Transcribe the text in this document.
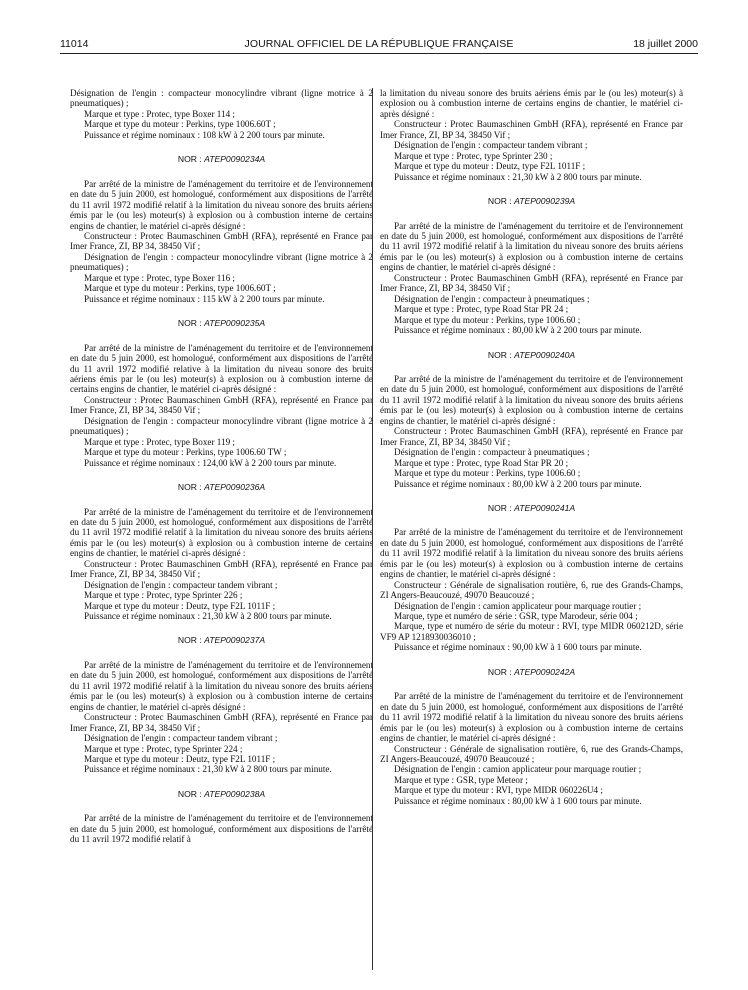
11014	JOURNAL OFFICIEL DE LA RÉPUBLIQUE FRANÇAISE	18 juillet 2000

Désignation de l'engin : compacteur monocylindre vibrant (ligne motrice à 2 pneumatiques) ;

Marque et type : Protec, type Boxer 114 ;

Marque et type du moteur : Perkins, type 1006.60T ;

Puissance et régime nominaux : 108 kW à 2 200 tours par minute.

NOR : ATEP0090234A

Par arrêté de la ministre de l'aménagement du territoire et de l'environnement en date du 5 juin 2000, est homologué, conformément aux dispositions de l'arrêté du 11 avril 1972 modifié relatif à la limitation du niveau sonore des bruits aériens émis par le (ou les) moteur(s) à explosion ou à combustion interne de certains engins de chantier, le matériel ci-après désigné :

Constructeur : Protec Baumaschinen GmbH (RFA), représenté en France par Imer France, ZI, BP 34, 38450 Vif ;

Désignation de l'engin : compacteur monocylindre vibrant (ligne motrice à 2 pneumatiques) ;

Marque et type : Protec, type Boxer 116 ;

Marque et type du moteur : Perkins, type 1006.60T ;

Puissance et régime nominaux : 115 kW à 2 200 tours par minute.

NOR : ATEP0090235A

Par arrêté de la ministre de l'aménagement du territoire et de l'environnement en date du 5 juin 2000, est homologué, conformément aux dispositions de l'arrêté du 11 avril 1972 modifié relative à la limitation du niveau sonore des bruits aériens émis par le (ou les) moteur(s) à explosion ou à combustion interne de certains engins de chantier, le matériel ci-après désigné :

Constructeur : Protec Baumaschinen GmbH (RFA), représenté en France par Imer France, ZI, BP 34, 38450 Vif ;

Désignation de l'engin : compacteur monocylindre vibrant (ligne motrice à 2 pneumatiques) ;

Marque et type : Protec, type Boxer 119 ;

Marque et type du moteur : Perkins, type 1006.60 TW ;

Puissance et régime nominaux : 124,00 kW à 2 200 tours par minute.

NOR : ATEP0090236A

Par arrêté de la ministre de l'aménagement du territoire et de l'environnement en date du 5 juin 2000, est homologué, conformément aux dispositions de l'arrêté du 11 avril 1972 modifié relatif à la limitation du niveau sonore des bruits aériens émis par le (ou les) moteur(s) à explosion ou à combustion interne de certains engins de chantier, le matériel ci-après désigné :

Constructeur : Protec Baumaschinen GmbH (RFA), représenté en France par Imer France, ZI, BP 34, 38450 Vif ;

Désignation de l'engin : compacteur tandem vibrant ;

Marque et type : Protec, type Sprinter 226 ;

Marque et type du moteur : Deutz, type F2L 1011F ;

Puissance et régime nominaux : 21,30 kW à 2 800 tours par minute.

NOR : ATEP0090237A

Par arrêté de la ministre de l'aménagement du territoire et de l'environnement en date du 5 juin 2000, est homologué, conformément aux dispositions de l'arrêté du 11 avril 1972 modifié relatif à la limitation du niveau sonore des bruits aériens émis par le (ou les) moteur(s) à explosion ou à combustion interne de certains engins de chantier, le matériel ci-après désigné :

Constructeur : Protec Baumaschinen GmbH (RFA), représenté en France par Imer France, ZI, BP 34, 38450 Vif ;

Désignation de l'engin : compacteur tandem vibrant ;

Marque et type : Protec, type Sprinter 224 ;

Marque et type du moteur : Deutz, type F2L 1011F ;

Puissance et régime nominaux : 21,30 kW à 2 800 tours par minute.

NOR : ATEP0090238A

Par arrêté de la ministre de l'aménagement du territoire et de l'environnement en date du 5 juin 2000, est homologué, conformément aux dispositions de l'arrêté du 11 avril 1972 modifié relatif à

la limitation du niveau sonore des bruits aériens émis par le (ou les) moteur(s) à explosion ou à combustion interne de certains engins de chantier, le matériel ci-après désigné :

Constructeur : Protec Baumaschinen GmbH (RFA), représenté en France par Imer France, ZI, BP 34, 38450 Vif ;

Désignation de l'engin : compacteur tandem vibrant ;

Marque et type : Protec, type Sprinter 230 ;

Marque et type du moteur : Deutz, type F2L 1011F ;

Puissance et régime nominaux : 21,30 kW à 2 800 tours par minute.

NOR : ATEP0090239A

Par arrêté de la ministre de l'aménagement du territoire et de l'environnement en date du 5 juin 2000, est homologué, conformément aux dispositions de l'arrêté du 11 avril 1972 modifié relatif à la limitation du niveau sonore des bruits aériens émis par le (ou les) moteur(s) à explosion ou à combustion interne de certains engins de chantier, le matériel ci-après désigné :

Constructeur : Protec Baumaschinen GmbH (RFA), représenté en France par Imer France, ZI, BP 34, 38450 Vif ;

Désignation de l'engin : compacteur à pneumatiques ;

Marque et type : Protec, type Road Star PR 24 ;

Marque et type du moteur : Perkins, type 1006.60 ;

Puissance et régime nominaux : 80,00 kW à 2 200 tours par minute.

NOR : ATEP0090240A

Par arrêté de la ministre de l'aménagement du territoire et de l'environnement en date du 5 juin 2000, est homologué, conformément aux dispositions de l'arrêté du 11 avril 1972 modifié relatif à la limitation du niveau sonore des bruits aériens émis par le (ou les) moteur(s) à explosion ou à combustion interne de certains engins de chantier, le matériel ci-après désigné :

Constructeur : Protec Baumaschinen GmbH (RFA), représenté en France par Imer France, ZI, BP 34, 38450 Vif ;

Désignation de l'engin : compacteur à pneumatiques ;

Marque et type : Protec, type Road Star PR 20 ;

Marque et type du moteur : Perkins, type 1006.60 ;

Puissance et régime nominaux : 80,00 kW à 2 200 tours par minute.

NOR : ATEP0090241A

Par arrêté de la ministre de l'aménagement du territoire et de l'environnement en date du 5 juin 2000, est homologué, conformément aux dispositions de l'arrêté du 11 avril 1972 modifié relatif à la limitation du niveau sonore des bruits aériens émis par le (ou les) moteur(s) à explosion ou à combustion interne de certains engins de chantier, le matériel ci-après désigné :

Constructeur : Générale de signalisation routière, 6, rue des Grands-Champs, ZI Angers-Beaucouzé, 49070 Beaucouzé ;

Désignation de l'engin : camion applicateur pour marquage routier ;

Marque, type et numéro de série : GSR, type Marodeur, série 004 ;

Marque, type et numéro de série du moteur : RVI, type MIDR 060212D, série VF9 AP 1218930036010 ;

Puissance et régime nominaux : 90,00 kW à 1 600 tours par minute.

NOR : ATEP0090242A

Par arrêté de la ministre de l'aménagement du territoire et de l'environnement en date du 5 juin 2000, est homologué, conformément aux dispositions de l'arrêté du 11 avril 1972 modifié relatif à la limitation du niveau sonore des bruits aériens émis par le (ou les) moteur(s) à explosion ou à combustion interne de certains engins de chantier, le matériel ci-après désigné :

Constructeur : Générale de signalisation routière, 6, rue des Grands-Champs, ZI Angers-Beaucouzé, 49070 Beaucouzé ;

Désignation de l'engin : camion applicateur pour marquage routier ;

Marque et type : GSR, type Meteor ;

Marque et type du moteur : RVI, type MIDR 060226U4 ;

Puissance et régime nominaux : 80,00 kW à 1 600 tours par minute.
